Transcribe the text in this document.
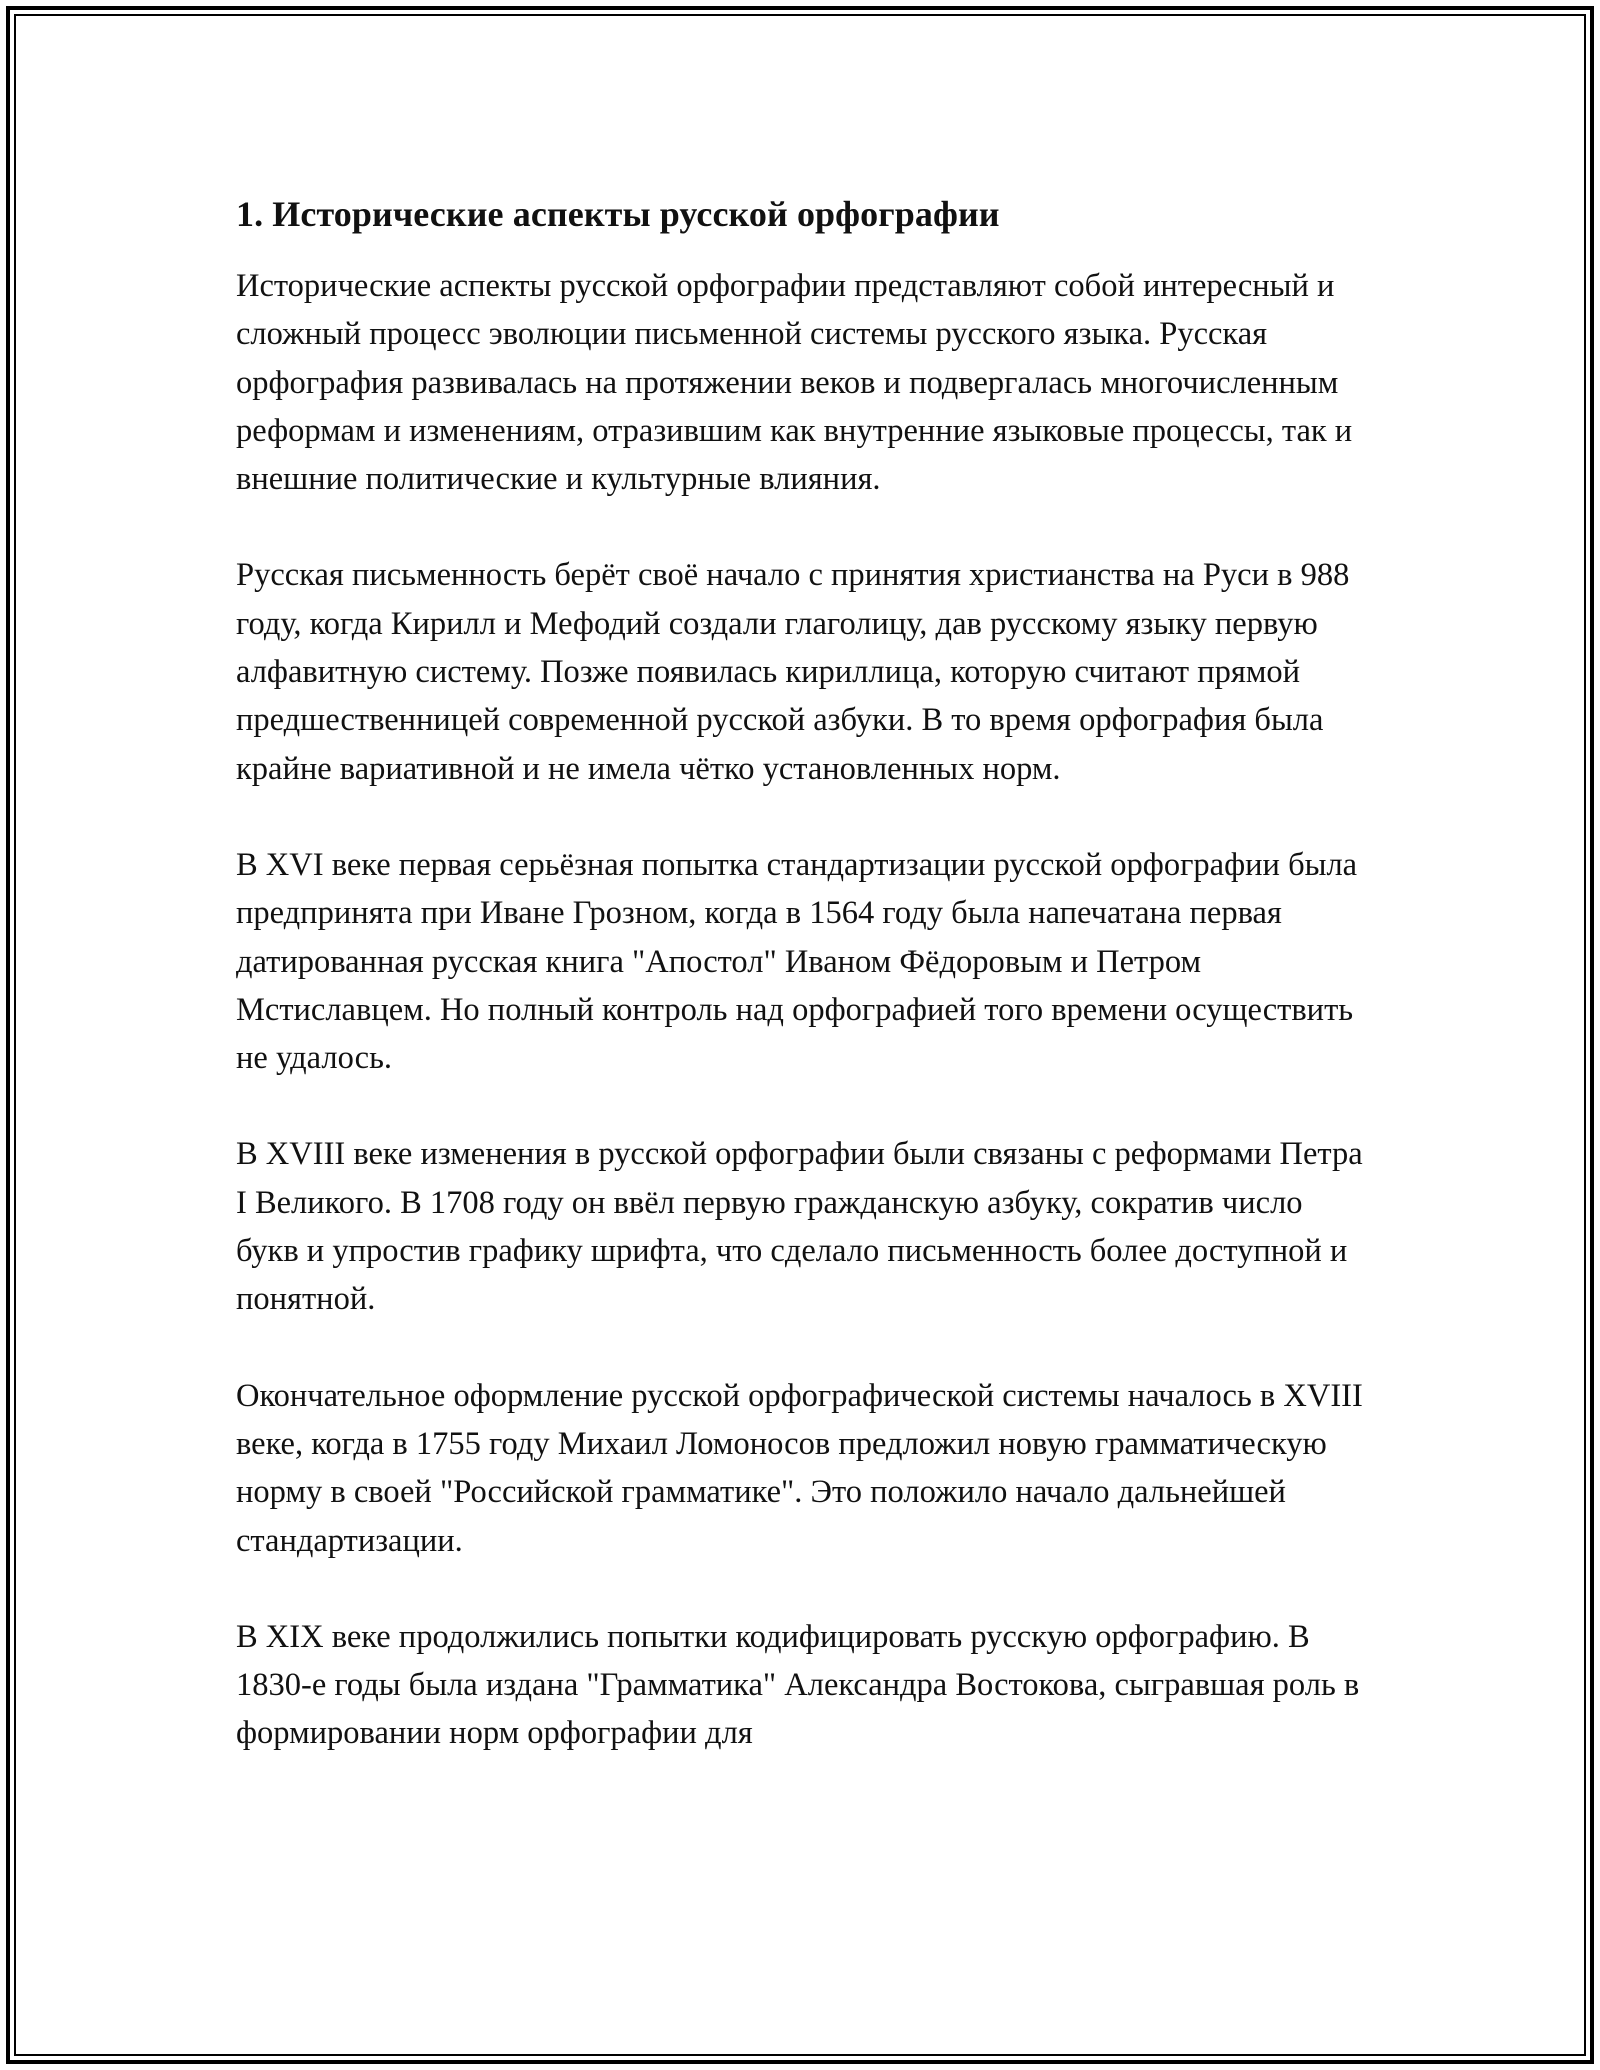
1. Исторические аспекты русской орфографии

Исторические аспекты русской орфографии представляют собой интересный и сложный процесс эволюции письменной системы русского языка. Русская орфография развивалась на протяжении веков и подвергалась многочисленным реформам и изменениям, отразившим как внутренние языковые процессы, так и внешние политические и культурные влияния.

Русская письменность берёт своё начало с принятия христианства на Руси в 988 году, когда Кирилл и Мефодий создали глаголицу, дав русскому языку первую алфавитную систему. Позже появилась кириллица, которую считают прямой предшественницей современной русской азбуки. В то время орфография была крайне вариативной и не имела чётко установленных норм.

В XVI веке первая серьёзная попытка стандартизации русской орфографии была предпринята при Иване Грозном, когда в 1564 году была напечатана первая датированная русская книга "Апостол" Иваном Фёдоровым и Петром Мстиславцем. Но полный контроль над орфографией того времени осуществить не удалось.

В XVIII веке изменения в русской орфографии были связаны с реформами Петра I Великого. В 1708 году он ввёл первую гражданскую азбуку, сократив число букв и упростив графику шрифта, что сделало письменность более доступной и понятной.

Окончательное оформление русской орфографической системы началось в XVIII веке, когда в 1755 году Михаил Ломоносов предложил новую грамматическую норму в своей "Российской грамматике". Это положило начало дальнейшей стандартизации.

В XIX веке продолжились попытки кодифицировать русскую орфографию. В 1830-е годы была издана "Грамматика" Александра Востокова, сыгравшая роль в формировании норм орфографии для
